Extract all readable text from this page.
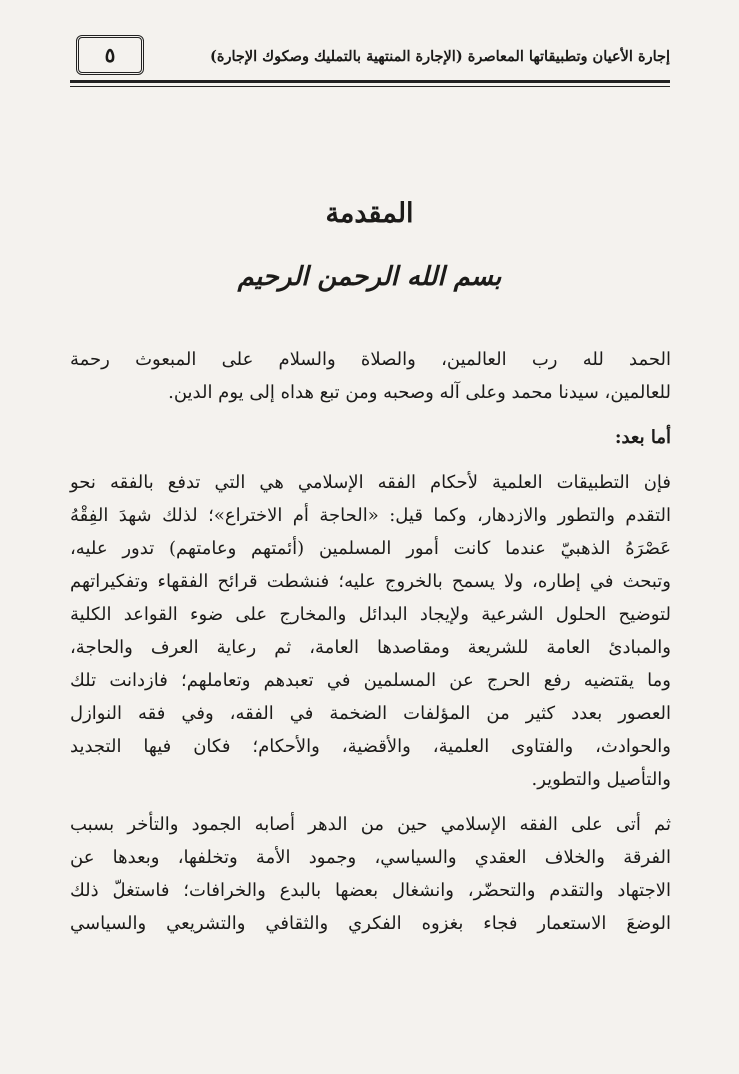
إجارة الأعيان وتطبيقاتها المعاصرة (الإجارة المنتهية بالتمليك وصكوك الإجارة)
٥
المقدمة
بسم الله الرحمن الرحيم

الحمد لله رب العالمين، والصلاة والسلام على المبعوث رحمة
للعالمين، سيدنا محمد وعلى آله وصحبه ومن تبع هداه إلى يوم الدين.

أما بعد:

فإن التطبيقات العلمية لأحكام الفقه الإسلامي هي التي تدفع بالفقه نحو
التقدم والتطور والازدهار، وكما قيل: «الحاجة أم الاختراع»؛ لذلك شهدَ الفِقْهُ
عَصْرَهُ الذهبيّ عندما كانت أمور المسلمين (أئمتهم وعامتهم) تدور عليه،
وتبحث في إطاره، ولا يسمح بالخروج عليه؛ فنشطت قرائح الفقهاء وتفكيراتهم
لتوضيح الحلول الشرعية ولإيجاد البدائل والمخارج على ضوء القواعد الكلية
والمبادئ العامة للشريعة ومقاصدها العامة، ثم رعاية العرف والحاجة،
وما يقتضيه رفع الحرج عن المسلمين في تعبدهم وتعاملهم؛ فازدانت تلك
العصور بعدد كثير من المؤلفات الضخمة في الفقه، وفي فقه النوازل
والحوادث، والفتاوى العلمية، والأقضية، والأحكام؛ فكان فيها التجديد
والتأصيل والتطوير.

ثم أتى على الفقه الإسلامي حين من الدهر أصابه الجمود والتأخر بسبب
الفرقة والخلاف العقدي والسياسي، وجمود الأمة وتخلفها، وبعدها عن
الاجتهاد والتقدم والتحضّر، وانشغال بعضها بالبدع والخرافات؛ فاستغلّ ذلك
الوضعَ الاستعمار فجاء بغزوه الفكري والثقافي والتشريعي والسياسي
